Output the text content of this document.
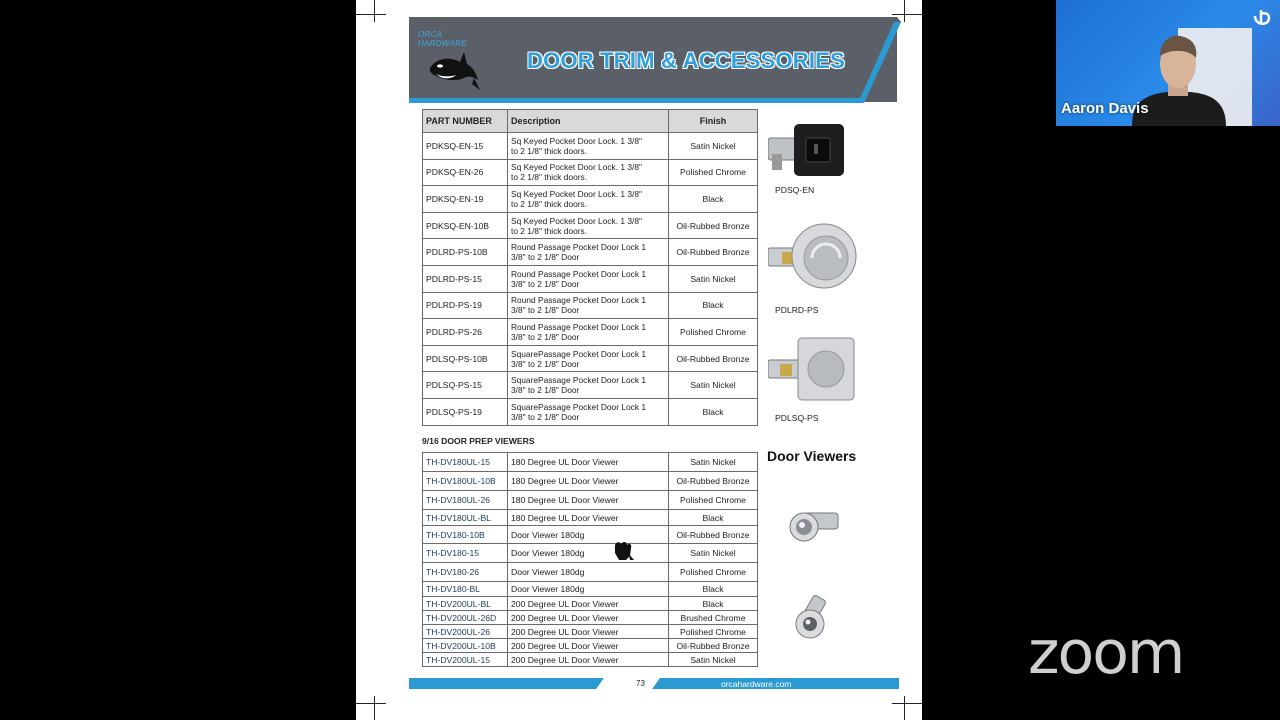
ORCA
HARDWARE
DOOR TRIM & ACCESSORIES
PART NUMBER	Description	Finish
PDKSQ-EN-15	Sq Keyed Pocket Door Lock. 1 3/8"
to 2 1/8" thick doors.	Satin Nickel
PDKSQ-EN-26	Sq Keyed Pocket Door Lock. 1 3/8"
to 2 1/8" thick doors.	Polished Chrome
PDKSQ-EN-19	Sq Keyed Pocket Door Lock. 1 3/8"
to 2 1/8" thick doors.	Black
PDKSQ-EN-10B	Sq Keyed Pocket Door Lock. 1 3/8"
to 2 1/8" thick doors.	Oil-Rubbed Bronze
PDLRD-PS-10B	Round Passage Pocket Door Lock 1
3/8" to 2 1/8" Door	Oil-Rubbed Bronze
PDLRD-PS-15	Round Passage Pocket Door Lock 1
3/8" to 2 1/8" Door	Satin Nickel
PDLRD-PS-19	Round Passage Pocket Door Lock 1
3/8" to 2 1/8" Door	Black
PDLRD-PS-26	Round Passage Pocket Door Lock 1
3/8" to 2 1/8" Door	Polished Chrome
PDLSQ-PS-10B	SquarePassage Pocket Door Lock 1
3/8" to 2 1/8" Door	Oil-Rubbed Bronze
PDLSQ-PS-15	SquarePassage Pocket Door Lock 1
3/8" to 2 1/8" Door	Satin Nickel
PDLSQ-PS-19	SquarePassage Pocket Door Lock 1
3/8" to 2 1/8" Door	Black
9/16 DOOR PREP VIEWERS
TH-DV180UL-15	180 Degree UL Door Viewer	Satin Nickel
TH-DV180UL-10B	180 Degree UL Door Viewer	Oil-Rubbed Bronze
TH-DV180UL-26	180 Degree UL Door Viewer	Polished Chrome
TH-DV180UL-BL	180 Degree UL Door Viewer	Black
TH-DV180-10B	Door Viewer 180dg	Oil-Rubbed Bronze
TH-DV180-15	Door Viewer 180dg	Satin Nickel
TH-DV180-26	Door Viewer 180dg	Polished Chrome
TH-DV180-BL	Door Viewer 180dg	Black
TH-DV200UL-BL	200 Degree UL Door Viewer	Black
TH-DV200UL-26D	200 Degree UL Door Viewer	Brushed Chrome
TH-DV200UL-26	200 Degree UL Door Viewer	Polished Chrome
TH-DV200UL-10B	200 Degree UL Door Viewer	Oil-Rubbed Bronze
TH-DV200UL-15	200 Degree UL Door Viewer	Satin Nickel
PDSQ-EN
PDLRD-PS
PDLSQ-PS
Door Viewers
73	orcahardware.com
Aaron Davis
zoom
